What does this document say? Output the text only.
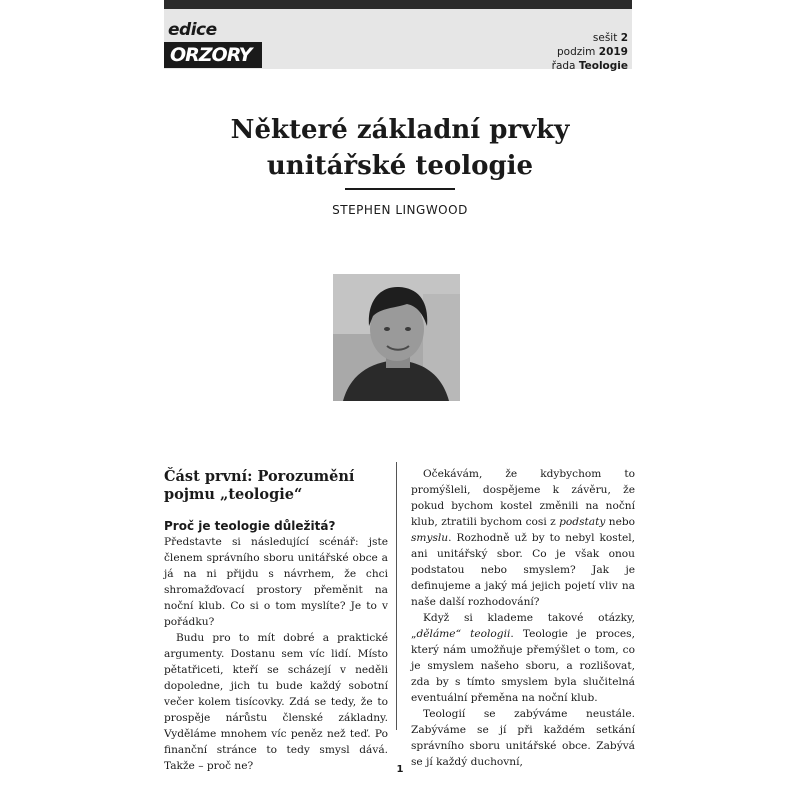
edice
ORZORY
sešit 2
podzim 2019
řada Teologie
Některé základní prvky
unitářské teologie
STEPHEN LINGWOOD
Část první: Porozumění pojmu „teologie“
Proč je teologie důležitá?

Představte si následující scénář: jste členem správního sboru unitářské obce a já na ni přijdu s návrhem, že chci shromažďovací prostory přeměnit na noční klub. Co si o tom myslíte? Je to v pořádku?

Budu pro to mít dobré a praktické argumenty. Dostanu sem víc lidí. Místo pětatřiceti, kteří se scházejí v neděli dopoledne, jich tu bude každý sobotní večer kolem tisícovky. Zdá se tedy, že to prospěje nárůstu členské základny. Vyděláme mnohem víc peněz než teď. Po finanční stránce to tedy smysl dává. Takže – proč ne?

Očekávám, že kdybychom to promýšleli, dospějeme k závěru, že pokud bychom kostel změnili na noční klub, ztratili bychom cosi z podstaty nebo smyslu. Rozhodně už by to nebyl kostel, ani unitářský sbor. Co je však onou podstatou nebo smyslem? Jak je definujeme a jaký má jejich pojetí vliv na naše další rozhodování?

Když si klademe takové otázky, „děláme“ teologii. Teologie je proces, který nám umožňuje přemýšlet o tom, co je smyslem našeho sboru, a rozlišovat, zda by s tímto smyslem byla slučitelná eventuální přeměna na noční klub.

Teologií se zabýváme neustále. Zabýváme se jí při každém setkání správního sboru unitářské obce. Zabývá se jí každý duchovní,

1
